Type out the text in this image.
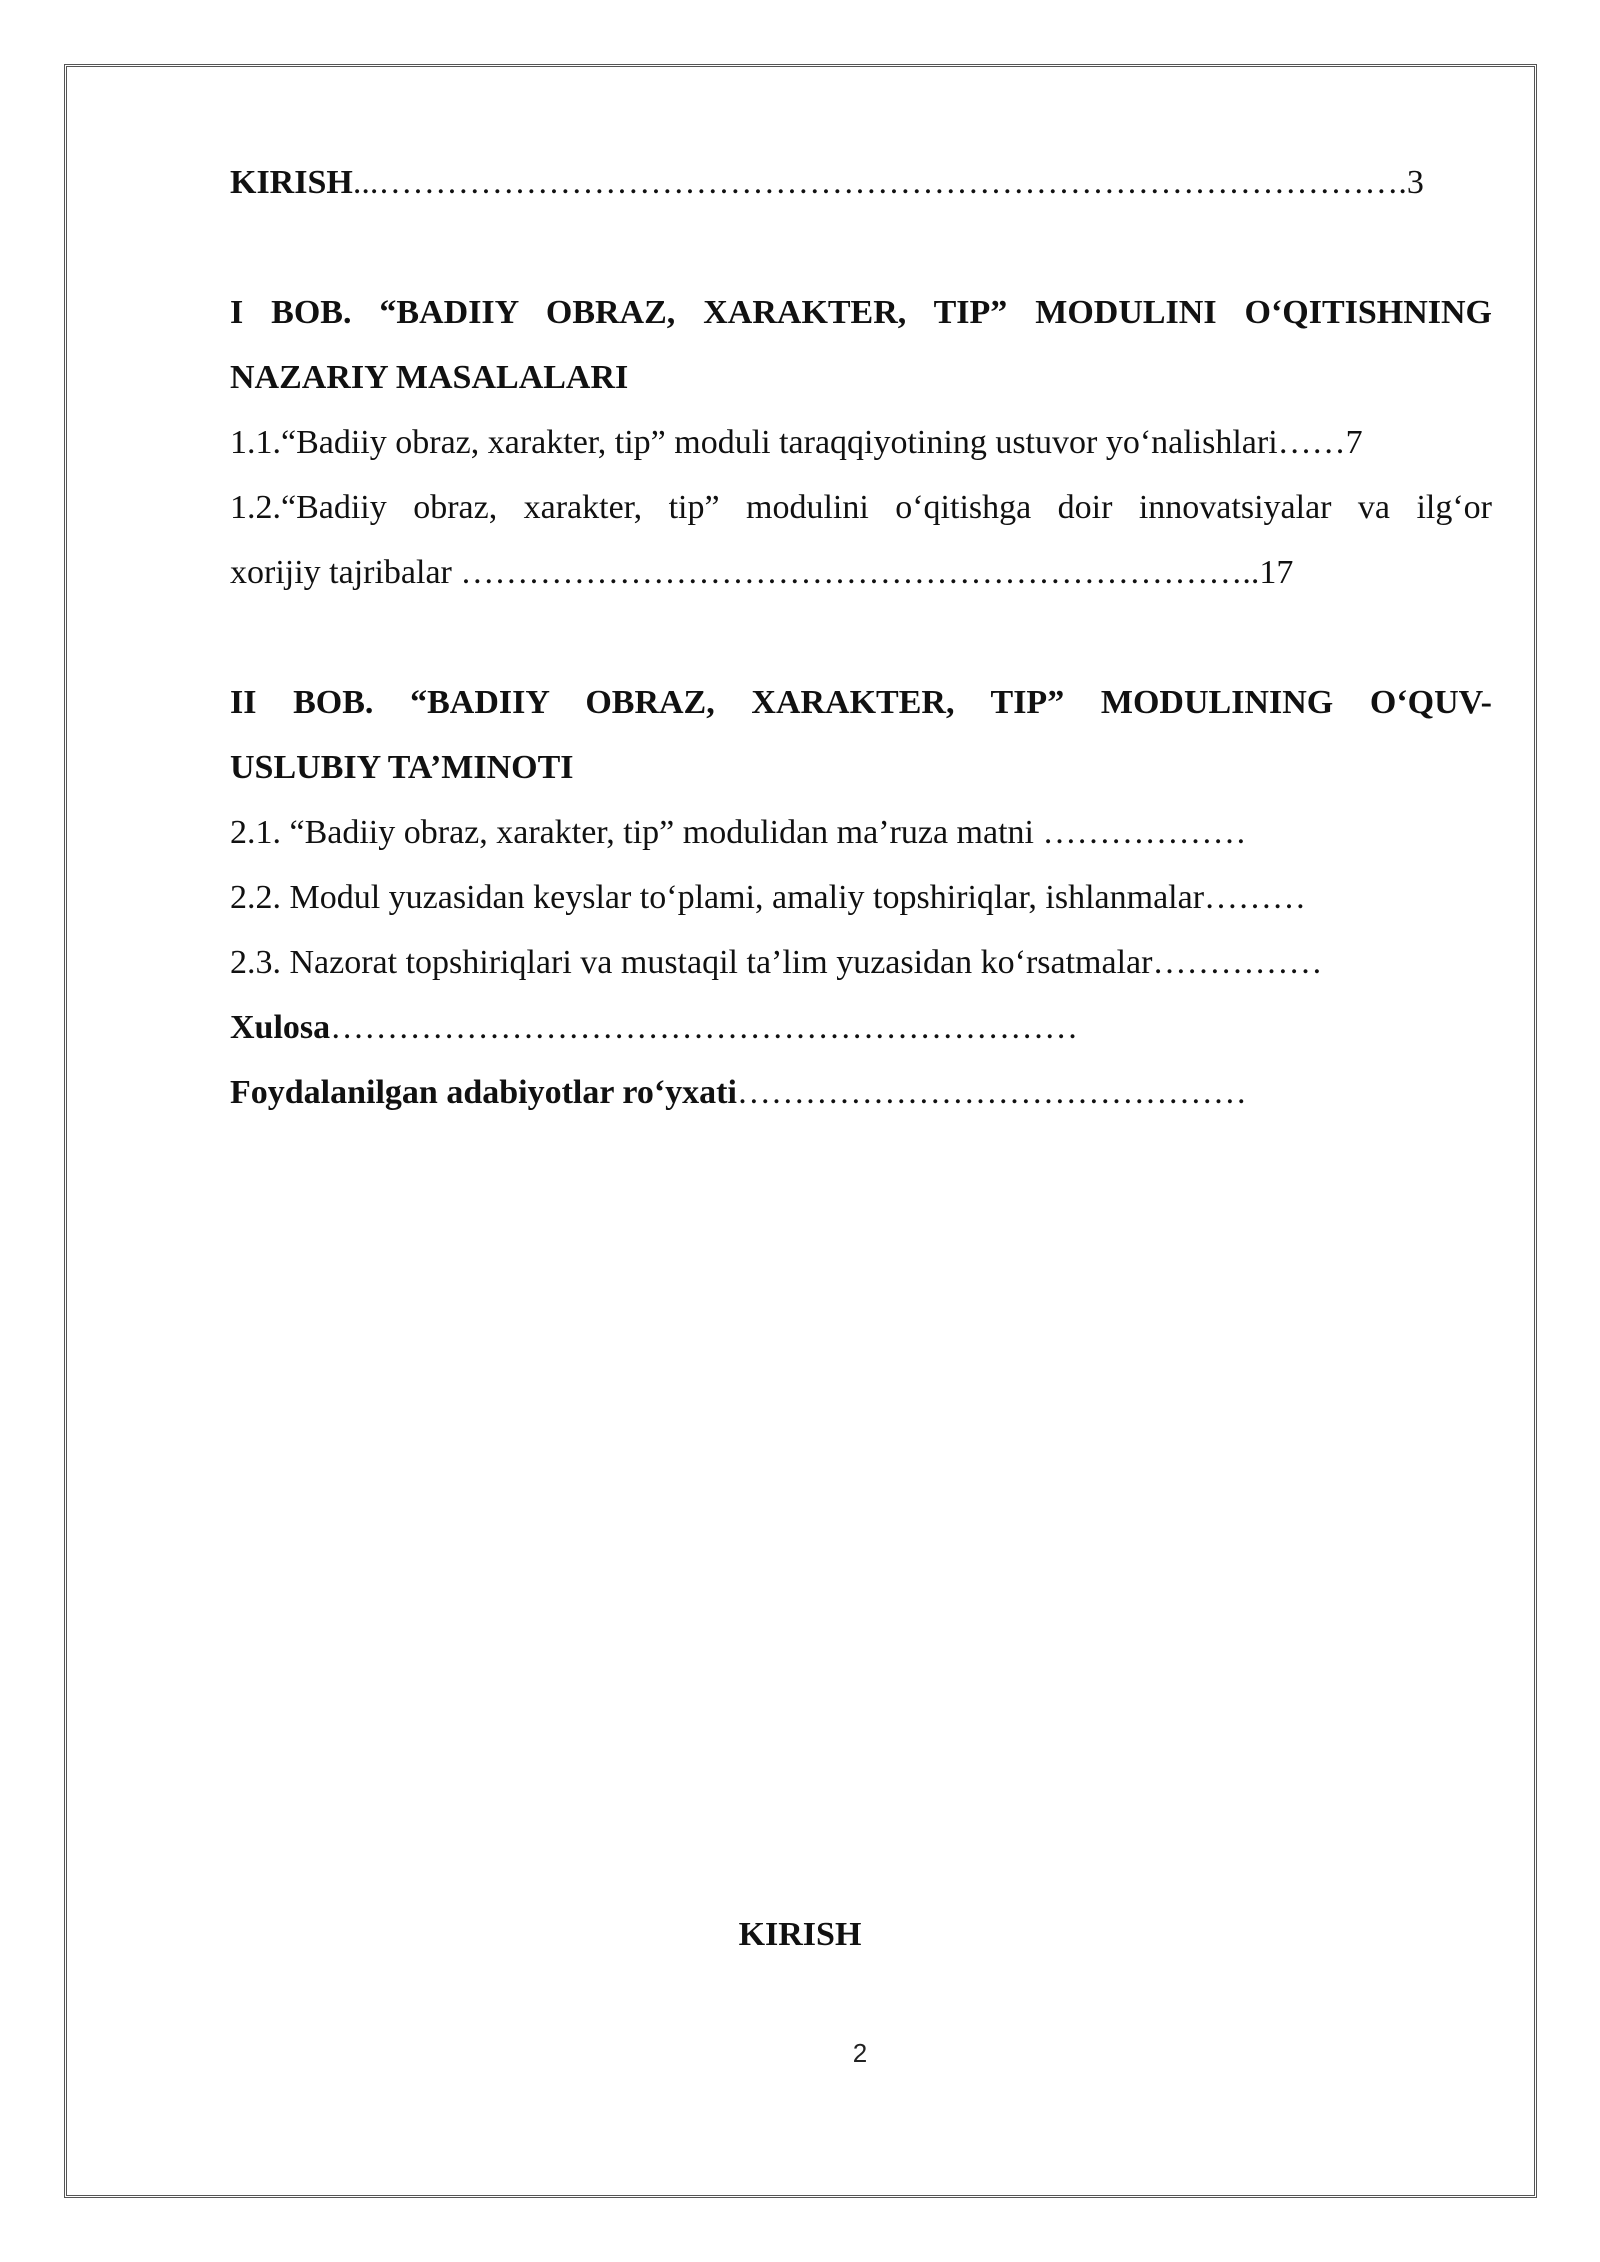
KIRISH...……………………………………………………………………………….3
I BOB. “BADIIY OBRAZ, XARAKTER, TIP” MODULINI O‘QITISHNING
NAZARIY MASALALARI
1.1.“Badiiy obraz, xarakter, tip” moduli taraqqiyotining ustuvor yo‘nalishlari……7
1.2.“Badiiy obraz, xarakter, tip” modulini o‘qitishga doir innovatsiyalar va ilg‘or
xorijiy tajribalar ……………………………………………………………..17
II BOB. “BADIIY OBRAZ, XARAKTER, TIP” MODULINING O‘QUV-
USLUBIY TA’MINOTI
2.1. “Badiiy obraz, xarakter, tip” modulidan ma’ruza matni ………………
2.2. Modul yuzasidan keyslar to‘plami, amaliy topshiriqlar, ishlanmalar………
2.3. Nazorat topshiriqlari va mustaqil ta’lim yuzasidan ko‘rsatmalar……………
Xulosa…………………………………………………………
Foydalanilgan adabiyotlar ro‘yxati………………………………………
KIRISH
2
